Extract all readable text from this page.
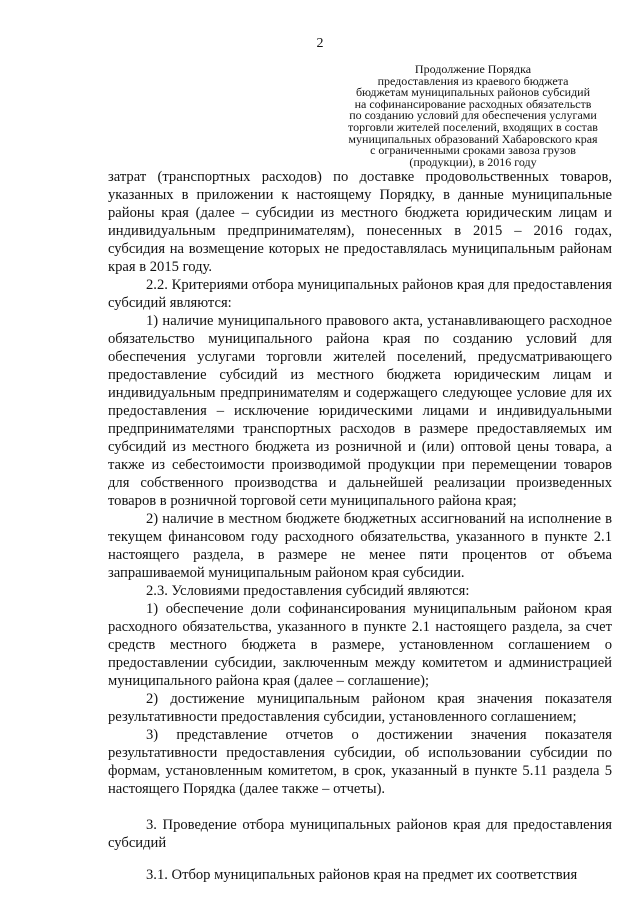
2
Продолжение Порядка
предоставления из краевого бюджета
бюджетам муниципальных районов субсидий
на софинансирование расходных обязательств
по созданию условий для обеспечения услугами
торговли жителей поселений, входящих в состав
муниципальных образований Хабаровского края
с ограниченными сроками завоза грузов
(продукции), в 2016 году

затрат (транспортных расходов) по доставке продовольственных товаров, указанных в приложении к настоящему Порядку, в данные муниципальные районы края (далее – субсидии из местного бюджета юридическим лицам и индивидуальным предпринимателям), понесенных в 2015 – 2016 годах, субсидия на возмещение которых не предоставлялась муниципальным районам края в 2015 году.

2.2. Критериями отбора муниципальных районов края для предоставления субсидий являются:

1) наличие муниципального правового акта, устанавливающего расходное обязательство муниципального района края по созданию условий для обеспечения услугами торговли жителей поселений, предусматривающего предоставление субсидий из местного бюджета юридическим лицам и индивидуальным предпринимателям и содержащего следующее условие для их предоставления – исключение юридическими лицами и индивидуальными предпринимателями транспортных расходов в размере предоставляемых им субсидий из местного бюджета из розничной и (или) оптовой цены товара, а также из себестоимости производимой продукции при перемещении товаров для собственного производства и дальнейшей реализации произведенных товаров в розничной торговой сети муниципального района края;

2) наличие в местном бюджете бюджетных ассигнований на исполнение в текущем финансовом году расходного обязательства, указанного в пункте 2.1 настоящего раздела, в размере не менее пяти процентов от объема запрашиваемой муниципальным районом края субсидии.

2.3. Условиями предоставления субсидий являются:

1) обеспечение доли софинансирования муниципальным районом края расходного обязательства, указанного в пункте 2.1 настоящего раздела, за счет средств местного бюджета в размере, установленном соглашением о предоставлении субсидии, заключенным между комитетом и администрацией муниципального района края (далее – соглашение);

2) достижение муниципальным районом края значения показателя результативности предоставления субсидии, установленного соглашением;

3) представление отчетов о достижении значения показателя результативности предоставления субсидии, об использовании субсидии по формам, установленным комитетом, в срок, указанный в пункте 5.11 раздела 5 настоящего Порядка (далее также – отчеты).

3. Проведение отбора муниципальных районов края для предоставления субсидий

3.1. Отбор муниципальных районов края на предмет их соответствия
